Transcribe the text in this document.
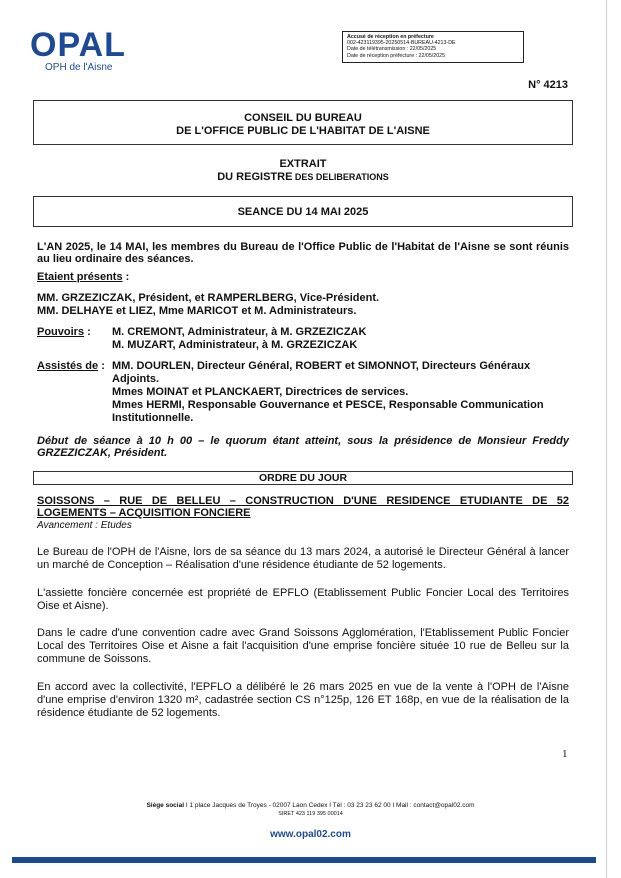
OPAL
OPH de l'Aisne
Accusé de réception en préfecture
002-423119395-20250514-BUREAU-4213-DE
Date de télétransmission : 22/05/2025
Date de réception préfecture : 22/05/2025
N° 4213
CONSEIL DU BUREAU
DE L'OFFICE PUBLIC DE L'HABITAT DE L'AISNE
EXTRAIT
DU REGISTRE DES DELIBERATIONS
SEANCE DU 14 MAI 2025
L'AN 2025, le 14 MAI, les membres du Bureau de l'Office Public de l'Habitat de l'Aisne se sont réunis au lieu ordinaire des séances.
Etaient présents :
MM. GRZEZICZAK, Président, et RAMPERLBERG, Vice-Président.
MM. DELHAYE et LIEZ, Mme MARICOT et M. Administrateurs.
Pouvoirs : M. CREMONT, Administrateur, à M. GRZEZICZAK
M. MUZART, Administrateur, à M. GRZEZICZAK
Assistés de : MM. DOURLEN, Directeur Général, ROBERT et SIMONNOT, Directeurs Généraux
Adjoints.
Mmes MOINAT et PLANCKAERT, Directrices de services.
Mmes HERMI, Responsable Gouvernance et PESCE, Responsable Communication
Institutionnelle.
Début de séance à 10 h 00 – le quorum étant atteint, sous la présidence de Monsieur Freddy GRZEZICZAK, Président.
ORDRE DU JOUR
SOISSONS – RUE DE BELLEU – CONSTRUCTION D'UNE RESIDENCE ETUDIANTE DE 52 LOGEMENTS – ACQUISITION FONCIERE
Avancement : Etudes
Le Bureau de l'OPH de l'Aisne, lors de sa séance du 13 mars 2024, a autorisé le Directeur Général à lancer un marché de Conception – Réalisation d'une résidence étudiante de 52 logements.
L'assiette foncière concernée est propriété de EPFLO (Etablissement Public Foncier Local des Territoires Oise et Aisne).
Dans le cadre d'une convention cadre avec Grand Soissons Agglomération, l'Etablissement Public Foncier Local des Territoires Oise et Aisne a fait l'acquisition d'une emprise foncière située 10 rue de Belleu sur la commune de Soissons.
En accord avec la collectivité, l'EPFLO a délibéré le 26 mars 2025 en vue de la vente à l'OPH de l'Aisne d'une emprise d'environ 1320 m², cadastrée section CS n°125p, 126 ET 168p, en vue de la réalisation de la résidence étudiante de 52 logements.
1
Siège social I 1 place Jacques de Troyes - 02007 Laon Cedex I Tél : 03 23 23 62 00 I Mail : contact@opal02.com
SIRET 423 119 395 00014
www.opal02.com
